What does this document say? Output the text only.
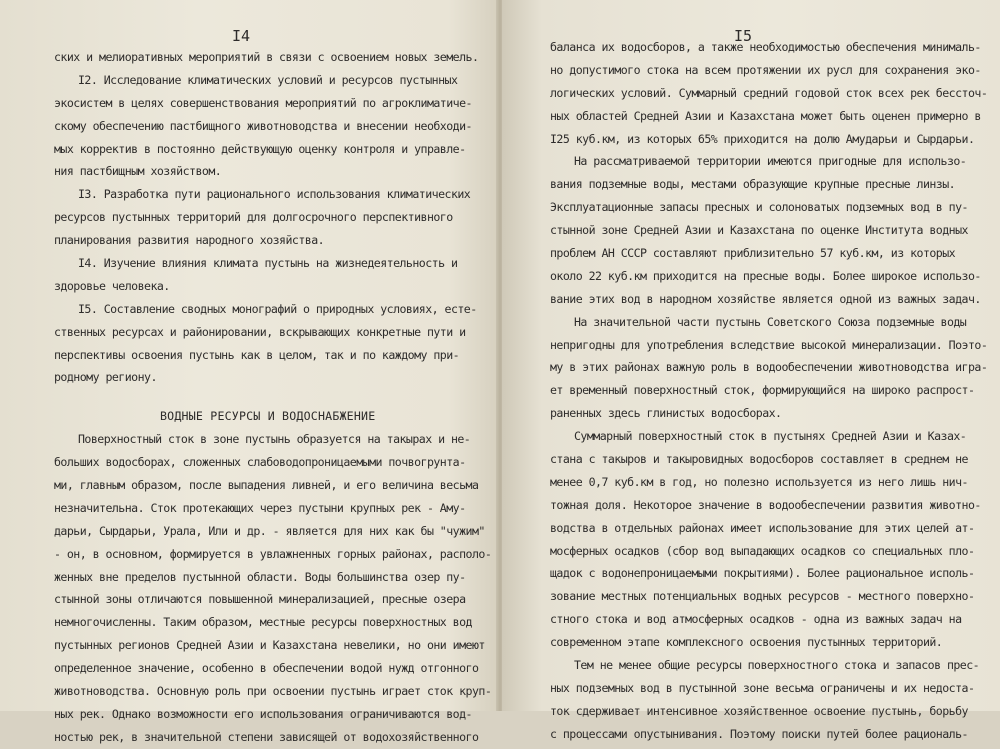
I4
ских и мелиоративных мероприятий в связи с освоением новых земель.
I2. Исследование климатических условий и ресурсов пустынных
экосистем в целях совершенствования мероприятий по агроклиматиче-
скому обеспечению пастбищного животноводства и внесении необходи-
мых корректив в постоянно действующую оценку контроля и управле-
ния пастбищным хозяйством.
I3. Разработка пути рационального использования климатических
ресурсов пустынных территорий для долгосрочного перспективного
планирования развития народного хозяйства.
I4. Изучение влияния климата пустынь на жизнедеятельность и
здоровье человека.
I5. Составление сводных монографий о природных условиях, есте-
ственных ресурсах и районировании, вскрывающих конкретные пути и
перспективы освоения пустынь как в целом, так и по каждому при-
родному региону.
ВОДНЫЕ РЕСУРСЫ И ВОДОСНАБЖЕНИЕ
Поверхностный сток в зоне пустынь образуется на такырах и не-
больших водосборах, сложенных слабоводопроницаемыми почвогрунта-
ми, главным образом, после выпадения ливней, и его величина весьма
незначительна. Сток протекающих через пустыни крупных рек - Аму-
дарьи, Сырдарьи, Урала, Или и др. - является для них как бы "чужим"
- он, в основном, формируется в увлажненных горных районах, располо-
женных вне пределов пустынной области. Воды большинства озер пу-
стынной зоны отличаются повышенной минерализацией, пресные озера
немногочисленны. Таким образом, местные ресурсы поверхностных вод
пустынных регионов Средней Азии и Казахстана невелики, но они имеют
определенное значение, особенно в обеспечении водой нужд отгонного
животноводства. Основную роль при освоении пустынь играет сток круп-
ных рек. Однако возможности его использования ограничиваются вод-
ностью рек, в значительной степени зависящей от водохозяйственного
I5
баланса их водосборов, а также необходимостью обеспечения минималь-
но допустимого стока на всем протяжении их русл для сохранения эко-
логических условий. Суммарный средний годовой сток всех рек бессточ-
ных областей Средней Азии и Казахстана может быть оценен примерно в
I25 куб.км, из которых 65% приходится на долю Амударьи и Сырдарьи.
На рассматриваемой территории имеются пригодные для использо-
вания подземные воды, местами образующие крупные пресные линзы.
Эксплуатационные запасы пресных и солоноватых подземных вод в пу-
стынной зоне Средней Азии и Казахстана по оценке Института водных
проблем АН СССР составляют приблизительно 57 куб.км, из которых
около 22 куб.км приходится на пресные воды. Более широкое использо-
вание этих вод в народном хозяйстве является одной из важных задач.
На значительной части пустынь Советского Союза подземные воды
непригодны для употребления вследствие высокой минерализации. Поэто-
му в этих районах важную роль в водообеспечении животноводства игра-
ет временный поверхностный сток, формирующийся на широко распрост-
раненных здесь глинистых водосборах.
Суммарный поверхностный сток в пустынях Средней Азии и Казах-
стана с такыров и такыровидных водосборов составляет в среднем не
менее 0,7 куб.км в год, но полезно используется из него лишь нич-
тожная доля. Некоторое значение в водообеспечении развития животно-
водства в отдельных районах имеет использование для этих целей ат-
мосферных осадков (сбор вод выпадающих осадков со специальных пло-
щадок с водонепроницаемыми покрытиями). Более рациональное исполь-
зование местных потенциальных водных ресурсов - местного поверхно-
стного стока и вод атмосферных осадков - одна из важных задач на
современном этапе комплексного освоения пустынных территорий.
Тем не менее общие ресурсы поверхностного стока и запасов прес-
ных подземных вод в пустынной зоне весьма ограничены и их недоста-
ток сдерживает интенсивное хозяйственное освоение пустынь, борьбу
с процессами опустынивания. Поэтому поиски путей более рациональ-
